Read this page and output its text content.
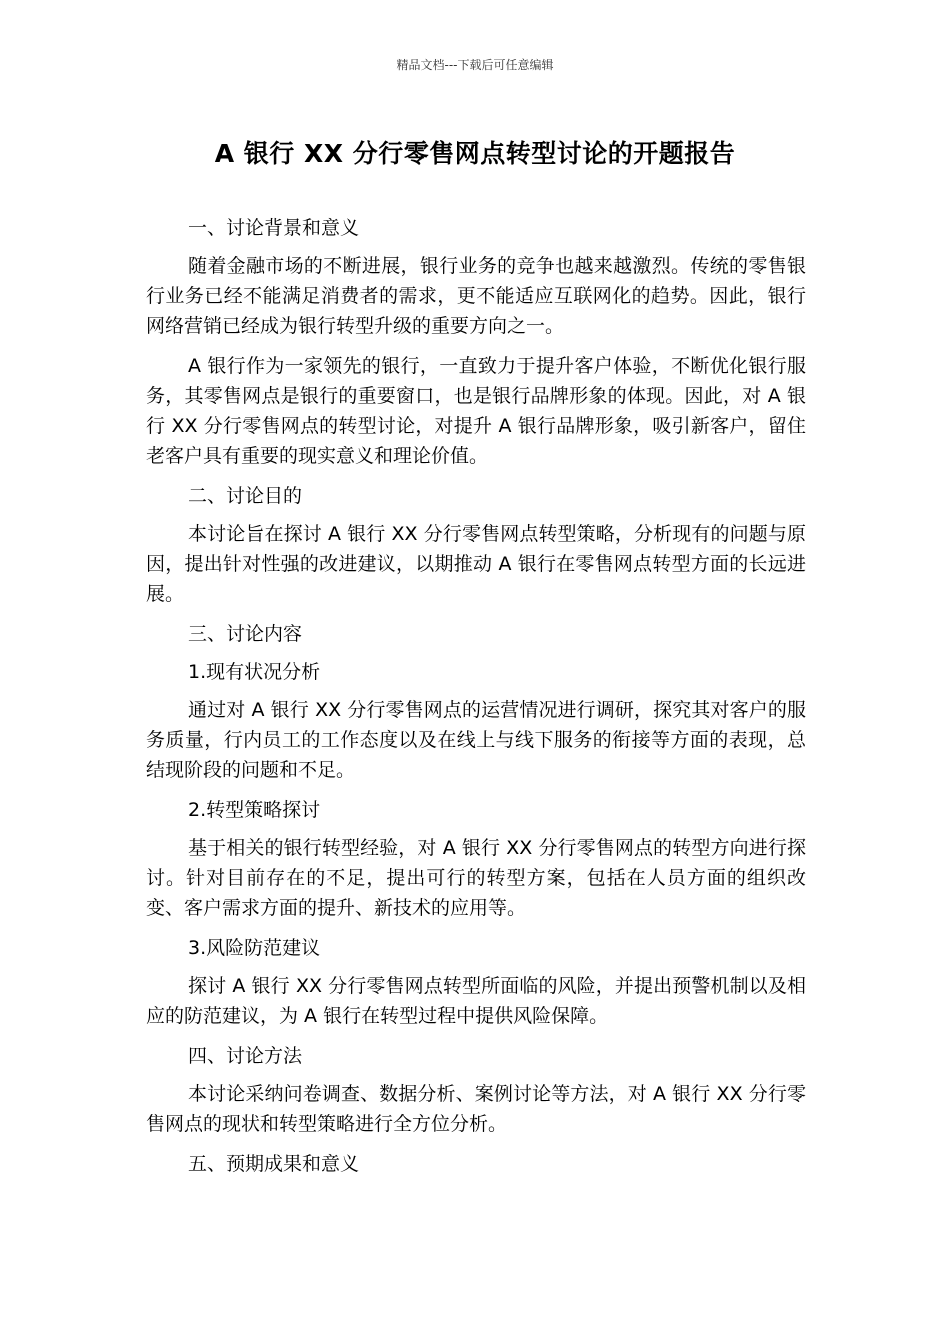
精品文档---下载后可任意编辑
A 银行 XX 分行零售网点转型讨论的开题报告

一、讨论背景和意义

随着金融市场的不断进展，银行业务的竞争也越来越激烈。传统的零售银行业务已经不能满足消费者的需求，更不能适应互联网化的趋势。因此，银行网络营销已经成为银行转型升级的重要方向之一。

A 银行作为一家领先的银行，一直致力于提升客户体验，不断优化银行服务，其零售网点是银行的重要窗口，也是银行品牌形象的体现。因此，对 A 银行 XX 分行零售网点的转型讨论，对提升 A 银行品牌形象，吸引新客户，留住老客户具有重要的现实意义和理论价值。

二、讨论目的

本讨论旨在探讨 A 银行 XX 分行零售网点转型策略，分析现有的问题与原因，提出针对性强的改进建议，以期推动 A 银行在零售网点转型方面的长远进展。

三、讨论内容

1.现有状况分析

通过对 A 银行 XX 分行零售网点的运营情况进行调研，探究其对客户的服务质量，行内员工的工作态度以及在线上与线下服务的衔接等方面的表现，总结现阶段的问题和不足。

2.转型策略探讨

基于相关的银行转型经验，对 A 银行 XX 分行零售网点的转型方向进行探讨。针对目前存在的不足，提出可行的转型方案，包括在人员方面的组织改变、客户需求方面的提升、新技术的应用等。

3.风险防范建议

探讨 A 银行 XX 分行零售网点转型所面临的风险，并提出预警机制以及相应的防范建议，为 A 银行在转型过程中提供风险保障。

四、讨论方法

本讨论采纳问卷调查、数据分析、案例讨论等方法，对 A 银行 XX 分行零售网点的现状和转型策略进行全方位分析。

五、预期成果和意义
